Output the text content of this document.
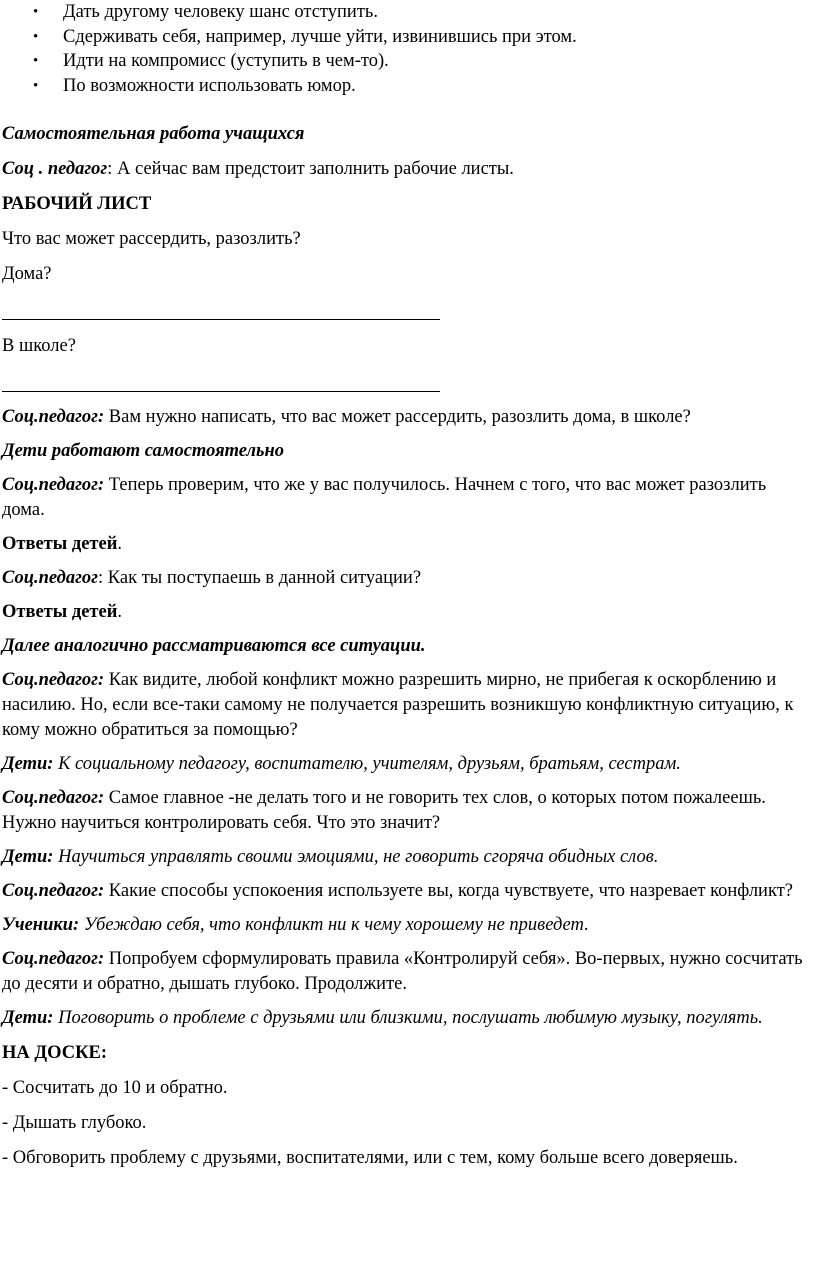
• Дать другому человеку шанс отступить.
• Сдерживать себя, например, лучше уйти, извинившись при этом.
• Идти на компромисс (уступить в чем-то).
• По возможности использовать юмор.

Самостоятельная работа учащихся

Соц . педагог: А сейчас вам предстоит заполнить рабочие листы.

РАБОЧИЙ ЛИСТ

Что вас может рассердить, разозлить?

Дома?

В школе?

Соц.педагог: Вам нужно написать, что вас может рассердить, разозлить дома, в школе?

Дети работают самостоятельно

Соц.педагог: Теперь проверим, что же у вас получилось. Начнем с того, что вас может разозлить дома.

Ответы детей.

Соц.педагог: Как ты поступаешь в данной ситуации?

Ответы детей.

Далее аналогично рассматриваются все ситуации.

Соц.педагог: Как видите, любой конфликт можно разрешить мирно, не прибегая к оскорблению и насилию. Но, если все-таки самому не получается разрешить возникшую конфликтную ситуацию, к кому можно обратиться за помощью?

Дети: К социальному педагогу, воспитателю, учителям, друзьям, братьям, сестрам.

Соц.педагог: Самое главное -не делать того и не говорить тех слов, о которых потом пожалеешь. Нужно научиться контролировать себя. Что это значит?

Дети: Научиться управлять своими эмоциями, не говорить сгоряча обидных слов.

Соц.педагог: Какие способы успокоения используете вы, когда чувствуете, что назревает конфликт?

Ученики: Убеждаю себя, что конфликт ни к чему хорошему не приведет.

Соц.педагог: Попробуем сформулировать правила «Контролируй себя». Во-первых, нужно сосчитать до десяти и обратно, дышать глубоко. Продолжите.

Дети: Поговорить о проблеме с друзьями или близкими, послушать любимую музыку, погулять.

НА ДОСКЕ:

- Сосчитать до 10 и обратно.

- Дышать глубоко.

- Обговорить проблему с друзьями, воспитателями, или с тем, кому больше всего доверяешь.
